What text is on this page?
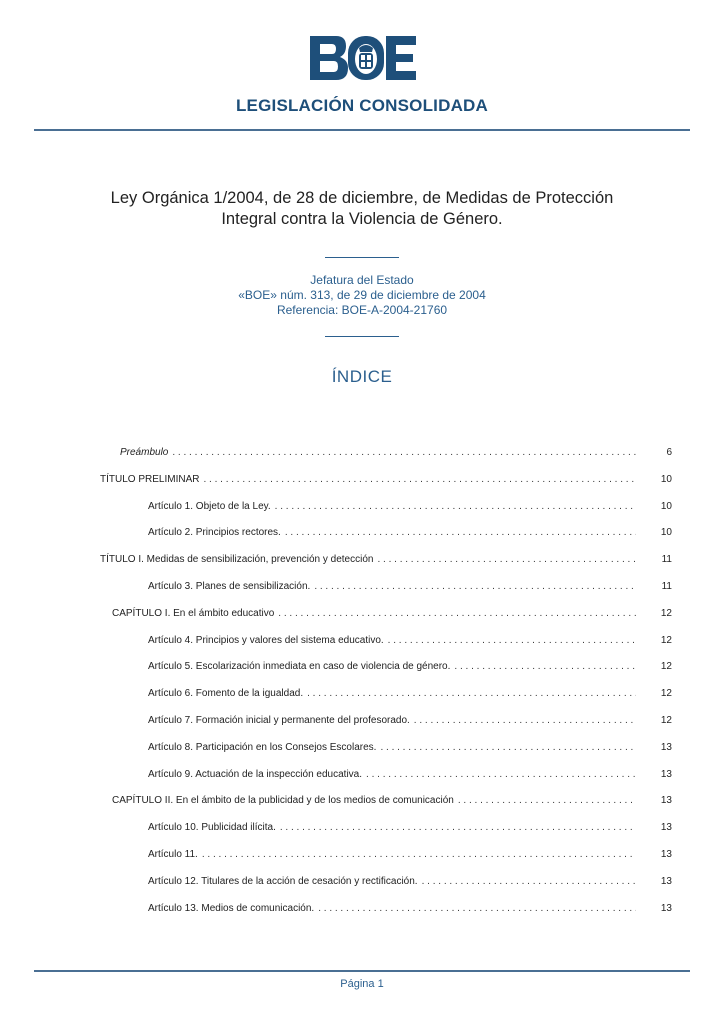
LEGISLACIÓN CONSOLIDADA
Ley Orgánica 1/2004, de 28 de diciembre, de Medidas de Protección
Integral contra la Violencia de Género.
Jefatura del Estado
«BOE» núm. 313, de 29 de diciembre de 2004
Referencia: BOE-A-2004-21760
ÍNDICE
Preámbulo . . .	6
TÍTULO PRELIMINAR . . .	10
Artículo 1. Objeto de la Ley. . . .	10
Artículo 2. Principios rectores. . . .	10
TÍTULO I. Medidas de sensibilización, prevención y detección . . .	11
Artículo 3. Planes de sensibilización. . . .	11
CAPÍTULO I. En el ámbito educativo . . .	12
Artículo 4. Principios y valores del sistema educativo. . . .	12
Artículo 5. Escolarización inmediata en caso de violencia de género. . . .	12
Artículo 6. Fomento de la igualdad. . . .	12
Artículo 7. Formación inicial y permanente del profesorado. . . .	12
Artículo 8. Participación en los Consejos Escolares. . . .	13
Artículo 9. Actuación de la inspección educativa. . . .	13
CAPÍTULO II. En el ámbito de la publicidad y de los medios de comunicación . . .	13
Artículo 10. Publicidad ilícita. . . .	13
Artículo 11. . . .	13
Artículo 12. Titulares de la acción de cesación y rectificación. . . .	13
Artículo 13. Medios de comunicación. . . .	13
Página 1
